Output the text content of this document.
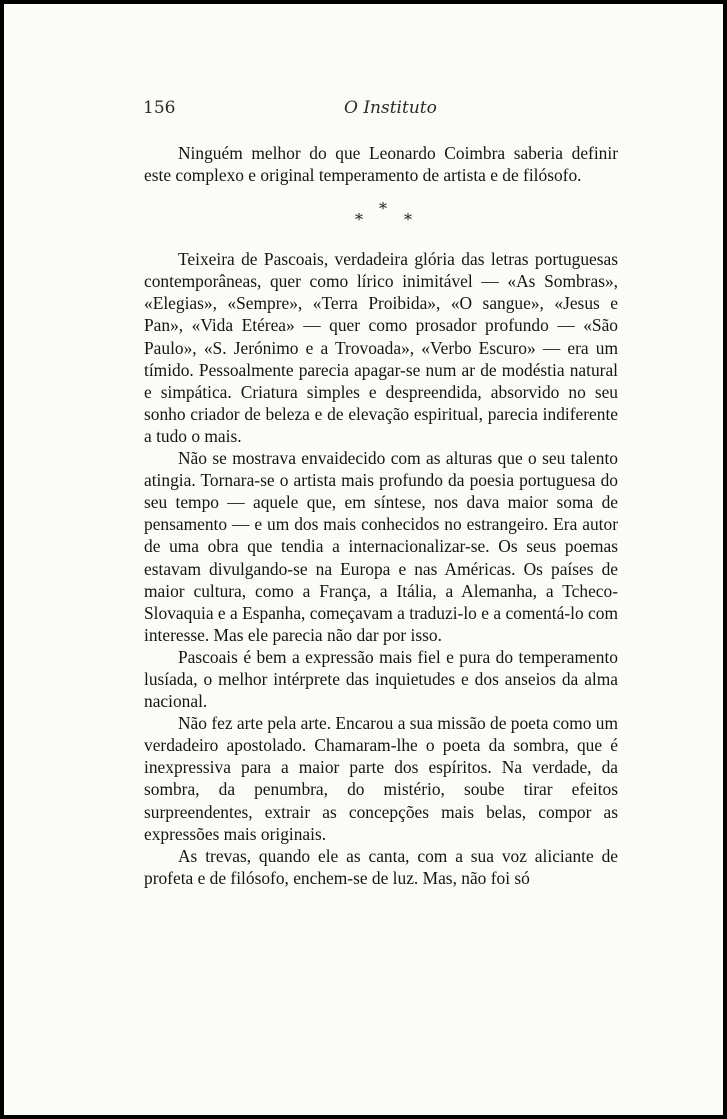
156	O Instituto

Ninguém melhor do que Leonardo Coimbra saberia definir este complexo e original temperamento de artista e de filósofo.

*
*	*

Teixeira de Pascoais, verdadeira glória das letras portuguesas contemporâneas, quer como lírico inimitável — «As Sombras», «Elegias», «Sempre», «Terra Proibida», «O sangue», «Jesus e Pan», «Vida Etérea» — quer como prosador profundo — «São Paulo», «S. Jerónimo e a Trovoada», «Verbo Escuro» — era um tímido. Pessoalmente parecia apagar-se num ar de modéstia natural e simpática. Criatura simples e despreendida, absorvido no seu sonho criador de beleza e de elevação espiritual, parecia indiferente a tudo o mais.

Não se mostrava envaidecido com as alturas que o seu talento atingia. Tornara-se o artista mais profundo da poesia portuguesa do seu tempo — aquele que, em síntese, nos dava maior soma de pensamento — e um dos mais conhecidos no estrangeiro. Era autor de uma obra que tendia a internacionalizar-se. Os seus poemas estavam divulgando-se na Europa e nas Américas. Os países de maior cultura, como a França, a Itália, a Alemanha, a Tcheco-Slovaquia e a Espanha, começavam a traduzi-lo e a comentá-lo com interesse. Mas ele parecia não dar por isso.

Pascoais é bem a expressão mais fiel e pura do temperamento lusíada, o melhor intérprete das inquietudes e dos anseios da alma nacional.

Não fez arte pela arte. Encarou a sua missão de poeta como um verdadeiro apostolado. Chamaram-lhe o poeta da sombra, que é inexpressiva para a maior parte dos espíritos. Na verdade, da sombra, da penumbra, do mistério, soube tirar efeitos surpreendentes, extrair as concepções mais belas, compor as expressões mais originais.

As trevas, quando ele as canta, com a sua voz aliciante de profeta e de filósofo, enchem-se de luz. Mas, não foi só
